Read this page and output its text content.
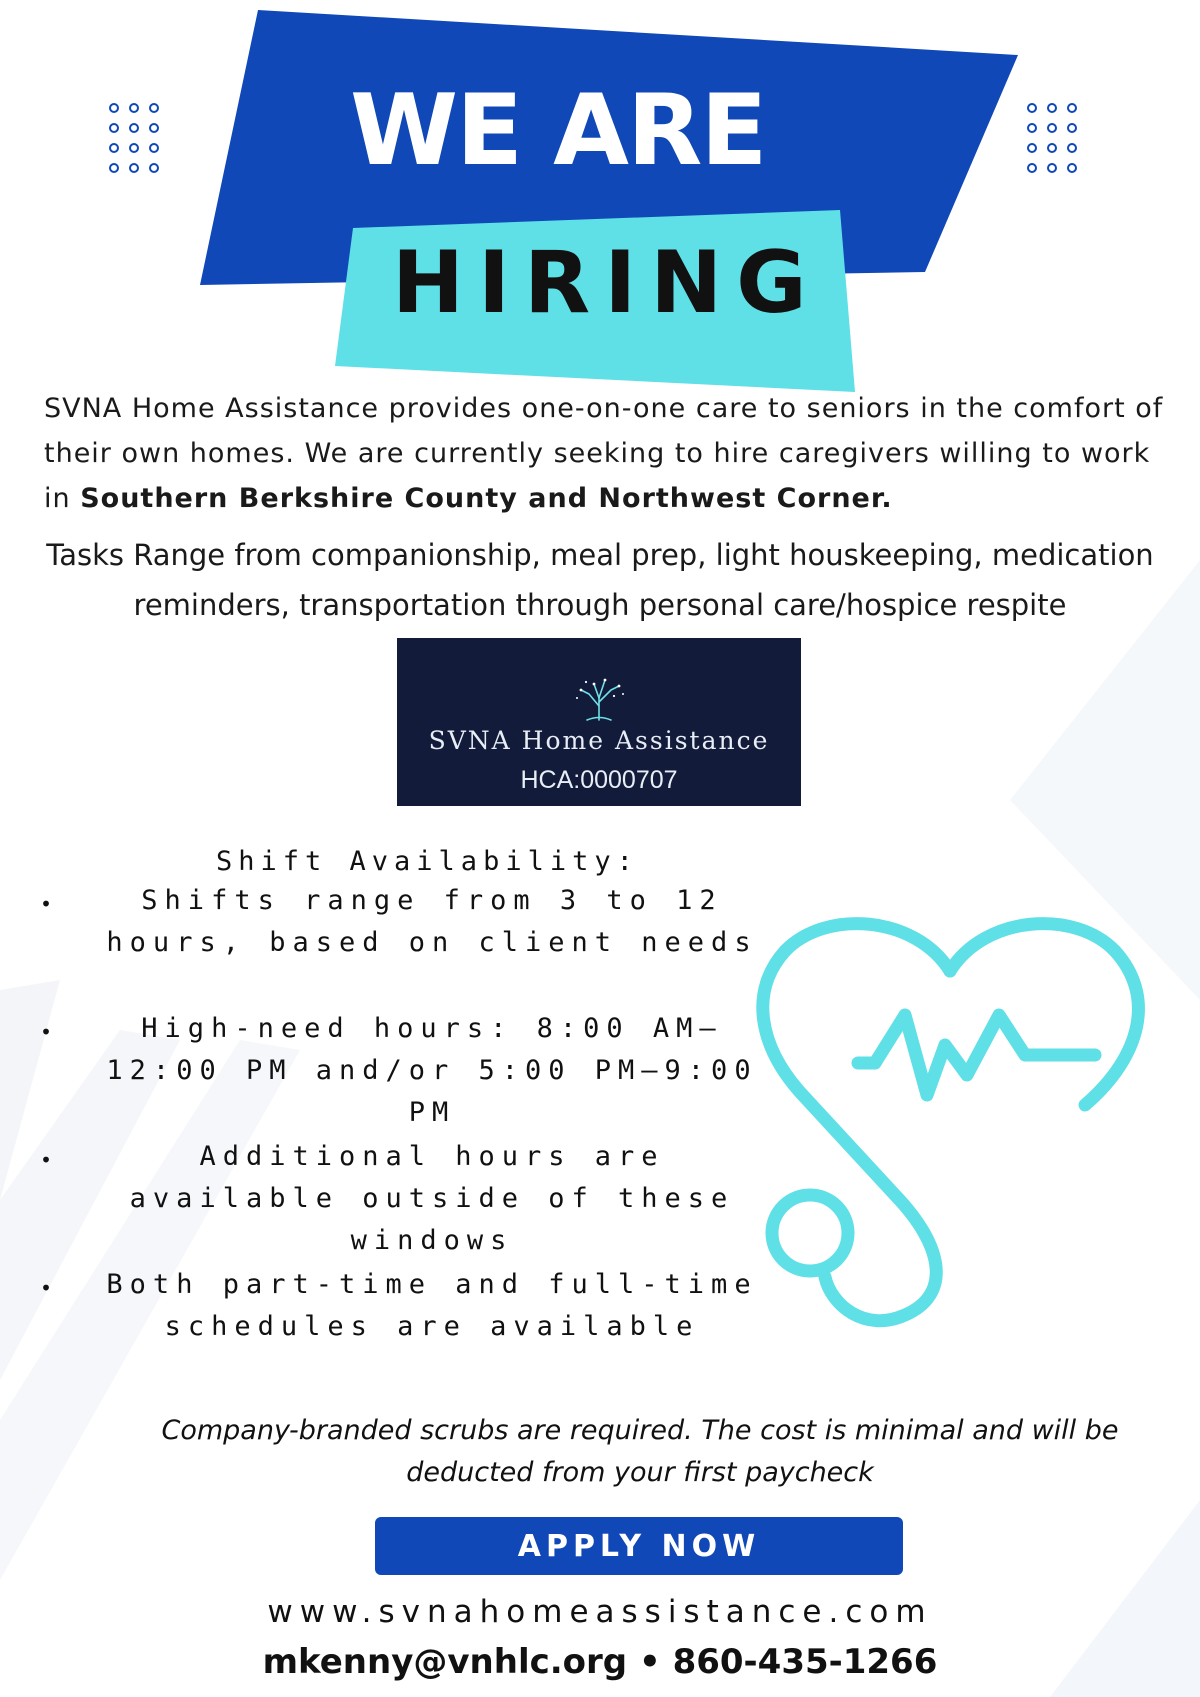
WE ARE
HIRING
SVNA Home Assistance provides one-on-one care to seniors in the comfort of their own homes. We are currently seeking to hire caregivers willing to work in Southern Berkshire County and Northwest Corner.
Tasks Range from companionship, meal prep, light houskeeping, medication reminders, transportation through personal care/hospice respite
SVNA Home Assistance
HCA:0000707
Shift Availability:
•	Shifts range from 3 to 12 hours, based on client needs
•	High-need hours: 8:00 AM–12:00 PM and/or 5:00 PM–9:00 PM
•	Additional hours are available outside of these windows
•	Both part-time and full-time schedules are available
Company-branded scrubs are required. The cost is minimal and will be deducted from your first paycheck
APPLY NOW
www.svnahomeassistance.com
mkenny@vnhlc.org • 860-435-1266
